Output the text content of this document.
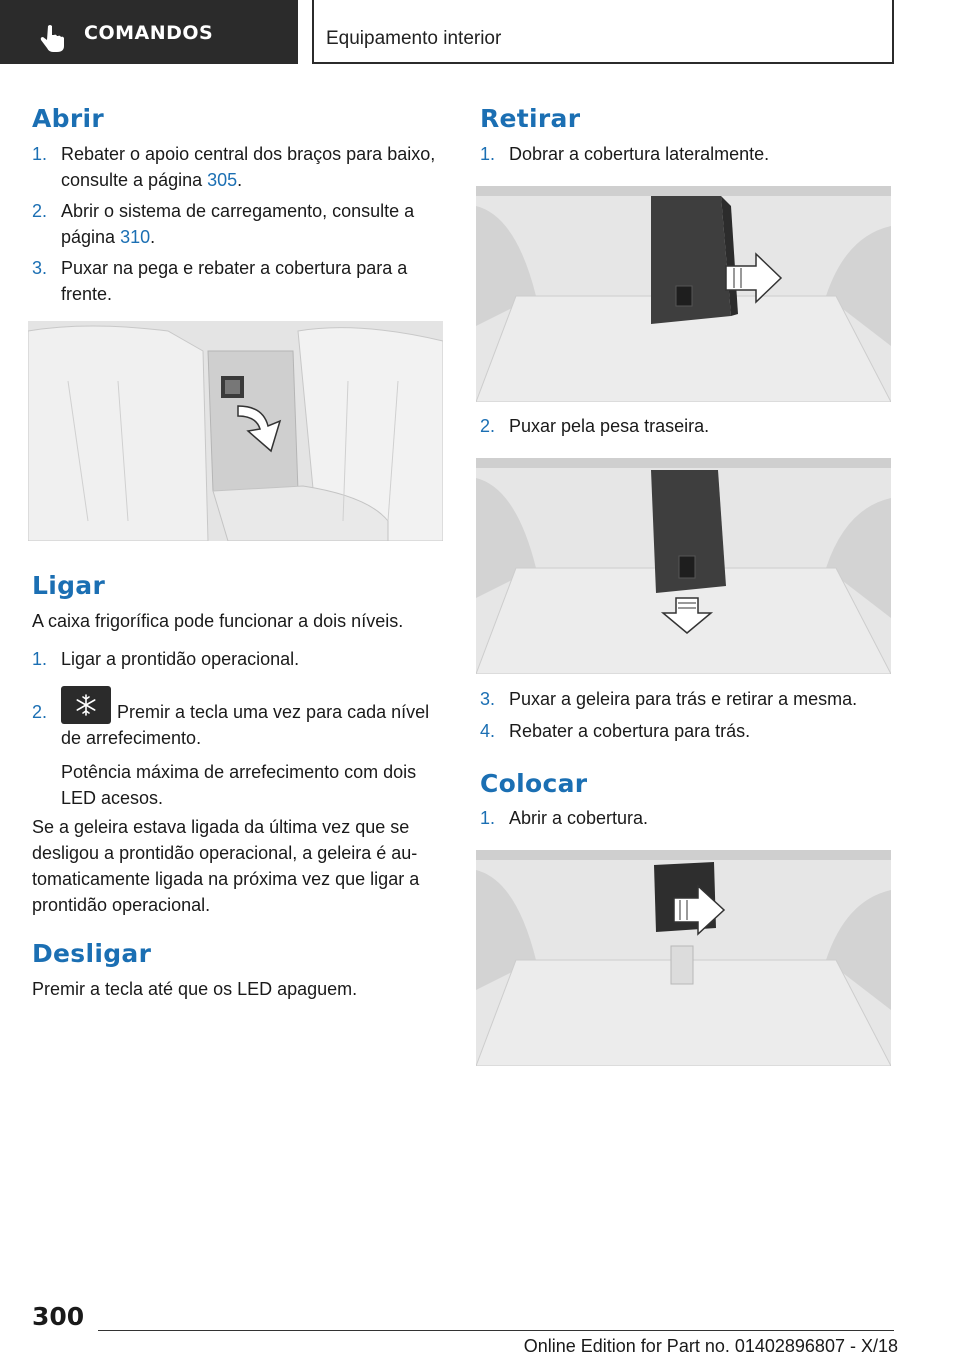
COMANDOS	Equipamento interior
Abrir
1. Rebater o apoio central dos braços para baixo, consulte a página 305.
2. Abrir o sistema de carregamento, consulte a página 310.
3. Puxar na pega e rebater a cobertura para a frente.
Ligar

A caixa frigorífica pode funcionar a dois níveis.

1. Ligar a prontidão operacional.
2.	Premir a tecla uma vez para cada nível de arrefecimento.
Potência máxima de arrefecimento com dois LED acesos.

Se a geleira estava ligada da última vez que se desligou a prontidão operacional, a geleira é automaticamente ligada na próxima vez que ligar a prontidão operacional.

Desligar

Premir a tecla até que os LED apaguem.

Retirar
1. Dobrar a cobertura lateralmente.
2. Puxar pela pesa traseira.
3. Puxar a geleira para trás e retirar a mesma.
4. Rebater a cobertura para trás.
Colocar
1. Abrir a cobertura.
300
Online Edition for Part no. 01402896807 - X/18
